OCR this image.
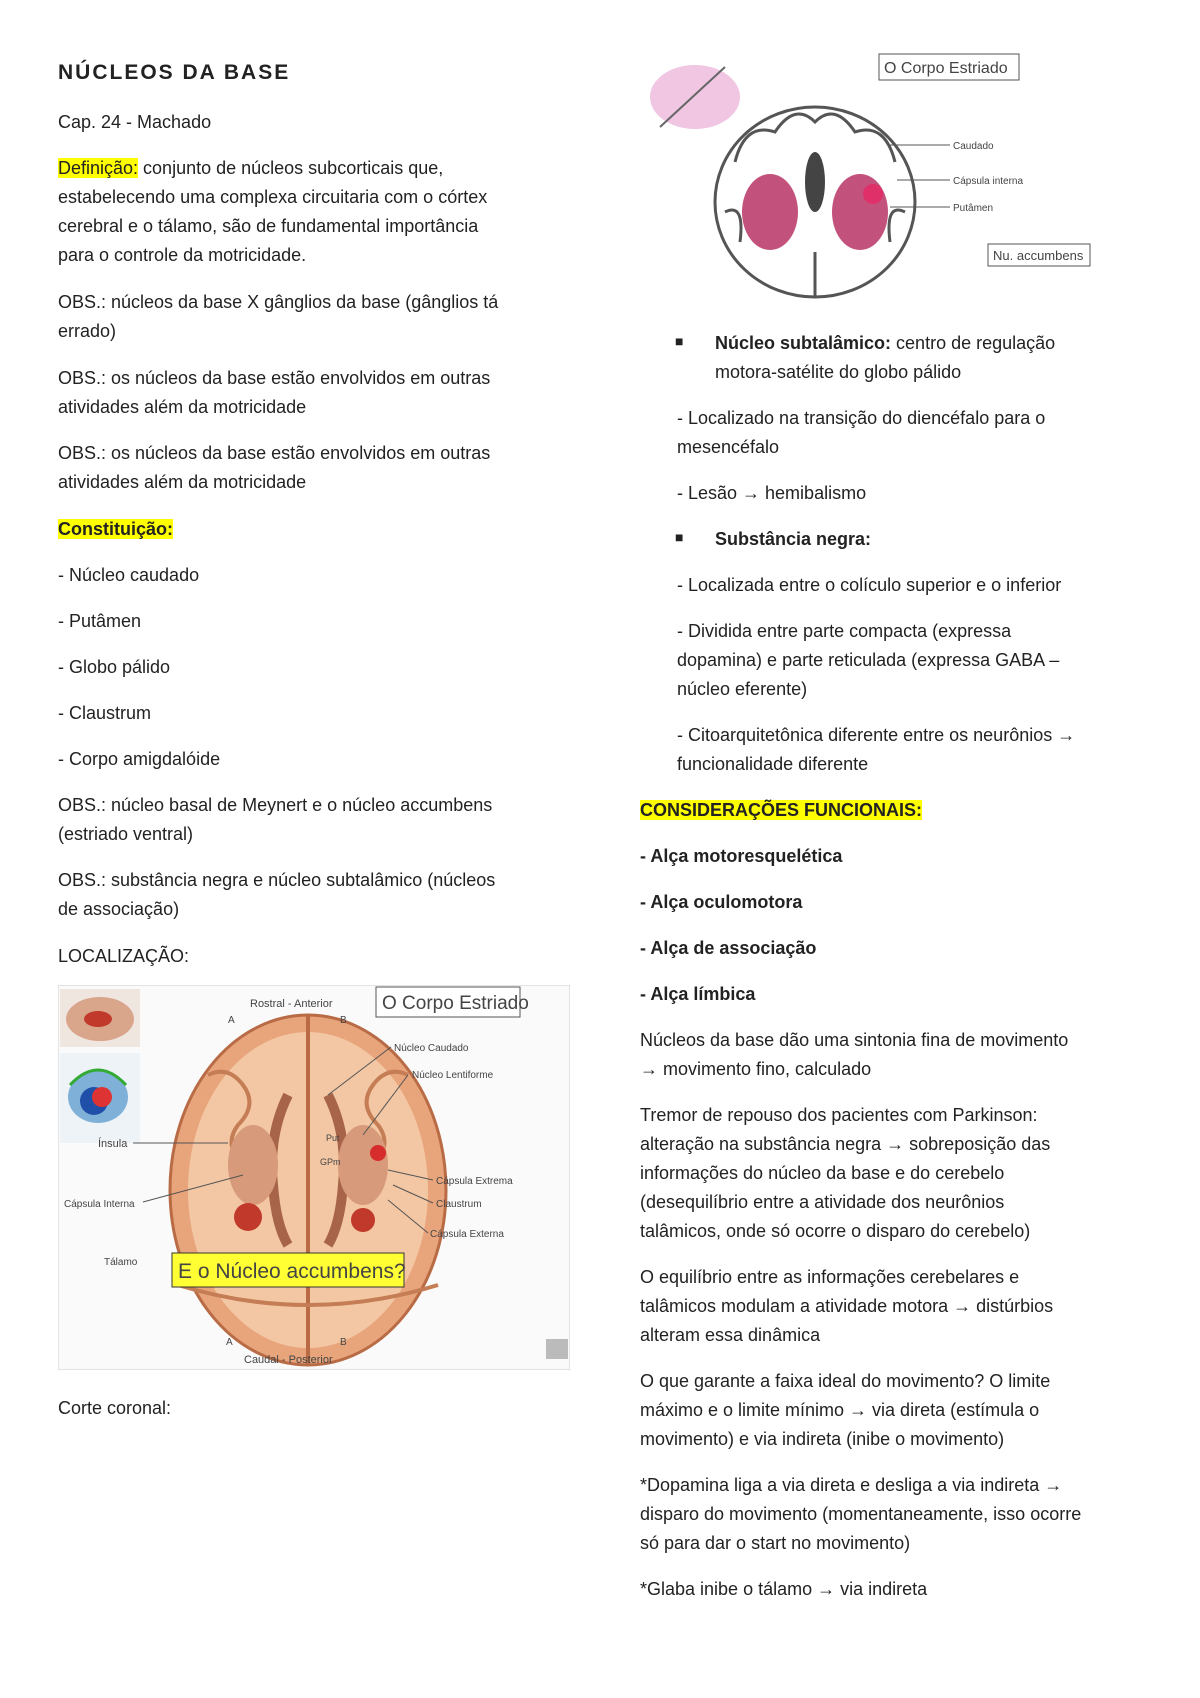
NÚCLEOS DA BASE

Cap. 24 - Machado

Definição: conjunto de núcleos subcorticais que,

estabelecendo uma complexa circuitaria com o córtex

cerebral e o tálamo, são de fundamental importância

para o controle da motricidade.

OBS.: núcleos da base X gânglios da base (gânglios tá

errado)

OBS.: os núcleos da base estão envolvidos em outras

atividades além da motricidade

OBS.: os núcleos da base estão envolvidos em outras

atividades além da motricidade

Constituição:

- Núcleo caudado

- Putâmen

- Globo pálido

- Claustrum

- Corpo amigdalóide

OBS.: núcleo basal de Meynert e o núcleo accumbens

(estriado ventral)

OBS.: substância negra e núcleo subtalâmico (núcleos

de associação)

LOCALIZAÇÃO:

Corte coronal:

O Corpo Estriado
Rostral - Anterior
A	B
A	B
Caudal - Posterior
Núcleo Caudado
Núcleo Lentiforme
Ínsula
Cápsula Interna
Tálamo
Cápsula Extrema
Claustrum
Cápsula Externa
Put
GPm
E o Núcleo accumbens?
O Corpo Estriado
Caudado
Cápsula interna
Putâmen
Nu. accumbens
■ Núcleo subtalâmico: centro de regulação

motora-satélite do globo pálido

- Localizado na transição do diencéfalo para o

mesencéfalo

- Lesão → hemibalismo

■ Substância negra:

- Localizada entre o colículo superior e o inferior

- Dividida entre parte compacta (expressa

dopamina) e parte reticulada (expressa GABA –

núcleo eferente)

- Citoarquitetônica diferente entre os neurônios →

funcionalidade diferente

CONSIDERAÇÕES FUNCIONAIS:

- Alça motoresquelética

- Alça oculomotora

- Alça de associação

- Alça límbica

Núcleos da base dão uma sintonia fina de movimento

→ movimento fino, calculado

Tremor de repouso dos pacientes com Parkinson:

alteração na substância negra → sobreposição das

informações do núcleo da base e do cerebelo

(desequilíbrio entre a atividade dos neurônios

talâmicos, onde só ocorre o disparo do cerebelo)

O equilíbrio entre as informações cerebelares e

talâmicos modulam a atividade motora → distúrbios

alteram essa dinâmica

O que garante a faixa ideal do movimento? O limite

máximo e o limite mínimo → via direta (estímula o

movimento) e via indireta (inibe o movimento)

*Dopamina liga a via direta e desliga a via indireta →

disparo do movimento (momentaneamente, isso ocorre

só para dar o start no movimento)

*Glaba inibe o tálamo → via indireta
